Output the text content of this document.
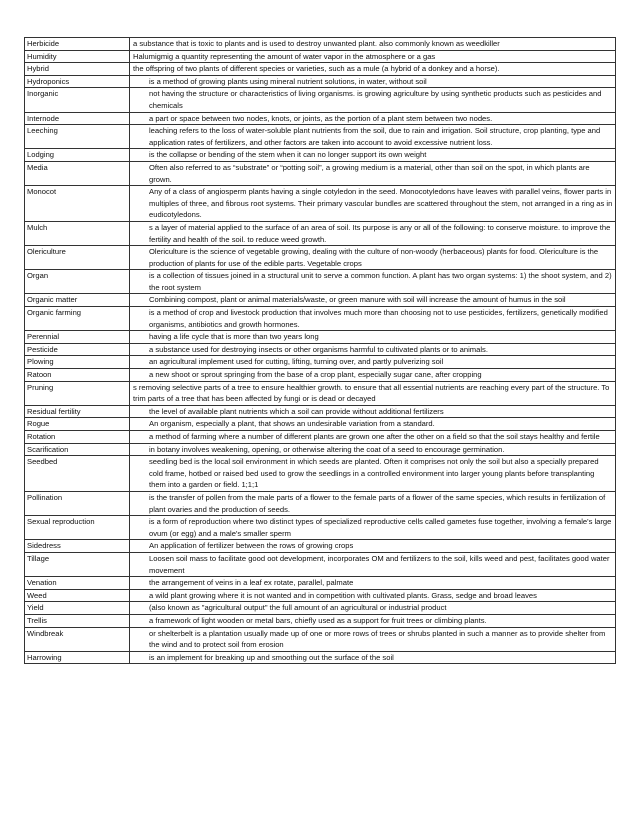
Herbicide	a substance that is toxic to plants and is used to destroy unwanted plant. also commonly known as weedkiller
Humidity	Halumigmig a quantity representing the amount of water vapor in the atmosphere or a gas
Hybrid	the offspring of two plants of different species or varieties, such as a mule (a hybrid of a donkey and a horse).
Hydroponics	is a method of growing plants using mineral nutrient solutions, in water, without soil
Inorganic	not having the structure or characteristics of living organisms. is growing agriculture by using synthetic products such as pesticides and chemicals
Internode	a part or space between two nodes, knots, or joints, as the portion of a plant stem between two nodes.
Leeching	leaching refers to the loss of water-soluble plant nutrients from the soil, due to rain and irrigation. Soil structure, crop planting, type and application rates of fertilizers, and other factors are taken into account to avoid excessive nutrient loss.
Lodging	is the collapse or bending of the stem when it can no longer support its own weight
Media	Often also referred to as “substrate” or “potting soil”, a growing medium is a material, other than soil on the spot, in which plants are grown.
Monocot	Any of a class of angiosperm plants having a single cotyledon in the seed. Monocotyledons have leaves with parallel veins, flower parts in multiples of three, and fibrous root systems. Their primary vascular bundles are scattered throughout the stem, not arranged in a ring as in eudicotyledons.
Mulch	s a layer of material applied to the surface of an area of soil. Its purpose is any or all of the following: to conserve moisture. to improve the fertility and health of the soil. to reduce weed growth.
Olericulture	Olericulture is the science of vegetable growing, dealing with the culture of non-woody (herbaceous) plants for food. Olericulture is the production of plants for use of the edible parts. Vegetable crops
Organ	is a collection of tissues joined in a structural unit to serve a common function. A plant has two organ systems: 1) the shoot system, and 2) the root system
Organic matter	Combining compost, plant or animal materials/waste, or green manure with soil will increase the amount of humus in the soil
Organic farming	is a method of crop and livestock production that involves much more than choosing not to use pesticides, fertilizers, genetically modified organisms, antibiotics and growth hormones.
Perennial	having a life cycle that is more than two years long
Pesticide	a substance used for destroying insects or other organisms harmful to cultivated plants or to animals.
Plowing	an agricultural implement used for cutting, lifting, turning over, and partly pulverizing soil
Ratoon	a new shoot or sprout springing from the base of a crop plant, especially sugar cane, after cropping
Pruning	s removing selective parts of a tree to ensure healthier growth. to ensure that all essential nutrients are reaching every part of the structure. To trim parts of a tree that has been affected by fungi or is dead or decayed
Residual fertility	the level of available plant nutrients which a soil can provide without additional fertilizers
Rogue	An organism, especially a plant, that shows an undesirable variation from a standard.
Rotation	a method of farming where a number of different plants are grown one after the other on a field so that the soil stays healthy and fertile
Scarification	in botany involves weakening, opening, or otherwise altering the coat of a seed to encourage germination.
Seedbed	seedling bed is the local soil environment in which seeds are planted. Often it comprises not only the soil but also a specially prepared cold frame, hotbed or raised bed used to grow the seedlings in a controlled environment into larger young plants before transplanting them into a garden or field. 1;1;1
Pollination	is the transfer of pollen from the male parts of a flower to the female parts of a flower of the same species, which results in fertilization of plant ovaries and the production of seeds.
Sexual reproduction	is a form of reproduction where two distinct types of specialized reproductive cells called gametes fuse together, involving a female's large ovum (or egg) and a male's smaller sperm
Sidedress	An application of fertilizer between the rows of growing crops
Tillage	Loosen soil mass to facilitate good oot development, incorporates OM and fertilizers to the soil, kills weed and pest, facilitates good water movement
Venation	the arrangement of veins in a leaf ex rotate, parallel, palmate
Weed	a wild plant growing where it is not wanted and in competition with cultivated plants. Grass, sedge and broad leaves
Yield	(also known as "agricultural output" the full amount of an agricultural or industrial product
Trellis	a framework of light wooden or metal bars, chiefly used as a support for fruit trees or climbing plants.
Windbreak	or shelterbelt is a plantation usually made up of one or more rows of trees or shrubs planted in such a manner as to provide shelter from the wind and to protect soil from erosion
Harrowing	is an implement for breaking up and smoothing out the surface of the soil
